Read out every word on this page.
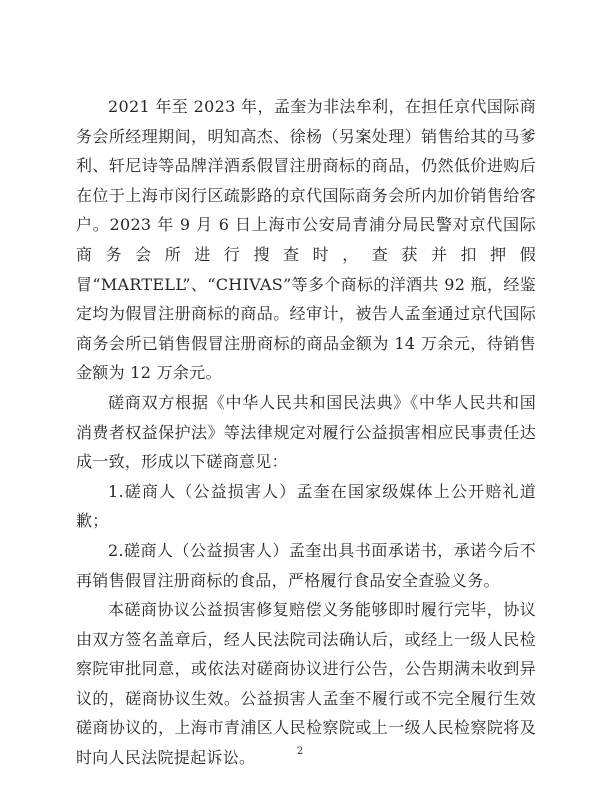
2021 年至 2023 年，孟奎为非法牟利，在担任京代国际商务会所经理期间，明知高杰、徐杨（另案处理）销售给其的马爹利、轩尼诗等品牌洋酒系假冒注册商标的商品，仍然低价进购后在位于上海市闵行区疏影路的京代国际商务会所内加价销售给客户。2023 年 9 月 6 日上海市公安局青浦分局民警对京代国际商务会所进行搜查时，查获并扣押假冒“MARTELL”、“CHIVAS”等多个商标的洋酒共 92 瓶，经鉴定均为假冒注册商标的商品。经审计，被告人孟奎通过京代国际商务会所已销售假冒注册商标的商品金额为 14 万余元，待销售金额为 12 万余元。

磋商双方根据《中华人民共和国民法典》《中华人民共和国消费者权益保护法》等法律规定对履行公益损害相应民事责任达成一致，形成以下磋商意见：

1.磋商人（公益损害人）孟奎在国家级媒体上公开赔礼道歉；

2.磋商人（公益损害人）孟奎出具书面承诺书，承诺今后不再销售假冒注册商标的食品，严格履行食品安全查验义务。

本磋商协议公益损害修复赔偿义务能够即时履行完毕，协议由双方签名盖章后，经人民法院司法确认后，或经上一级人民检察院审批同意，或依法对磋商协议进行公告，公告期满未收到异议的，磋商协议生效。公益损害人孟奎不履行或不完全履行生效磋商协议的，上海市青浦区人民检察院或上一级人民检察院将及时向人民法院提起诉讼。	2
